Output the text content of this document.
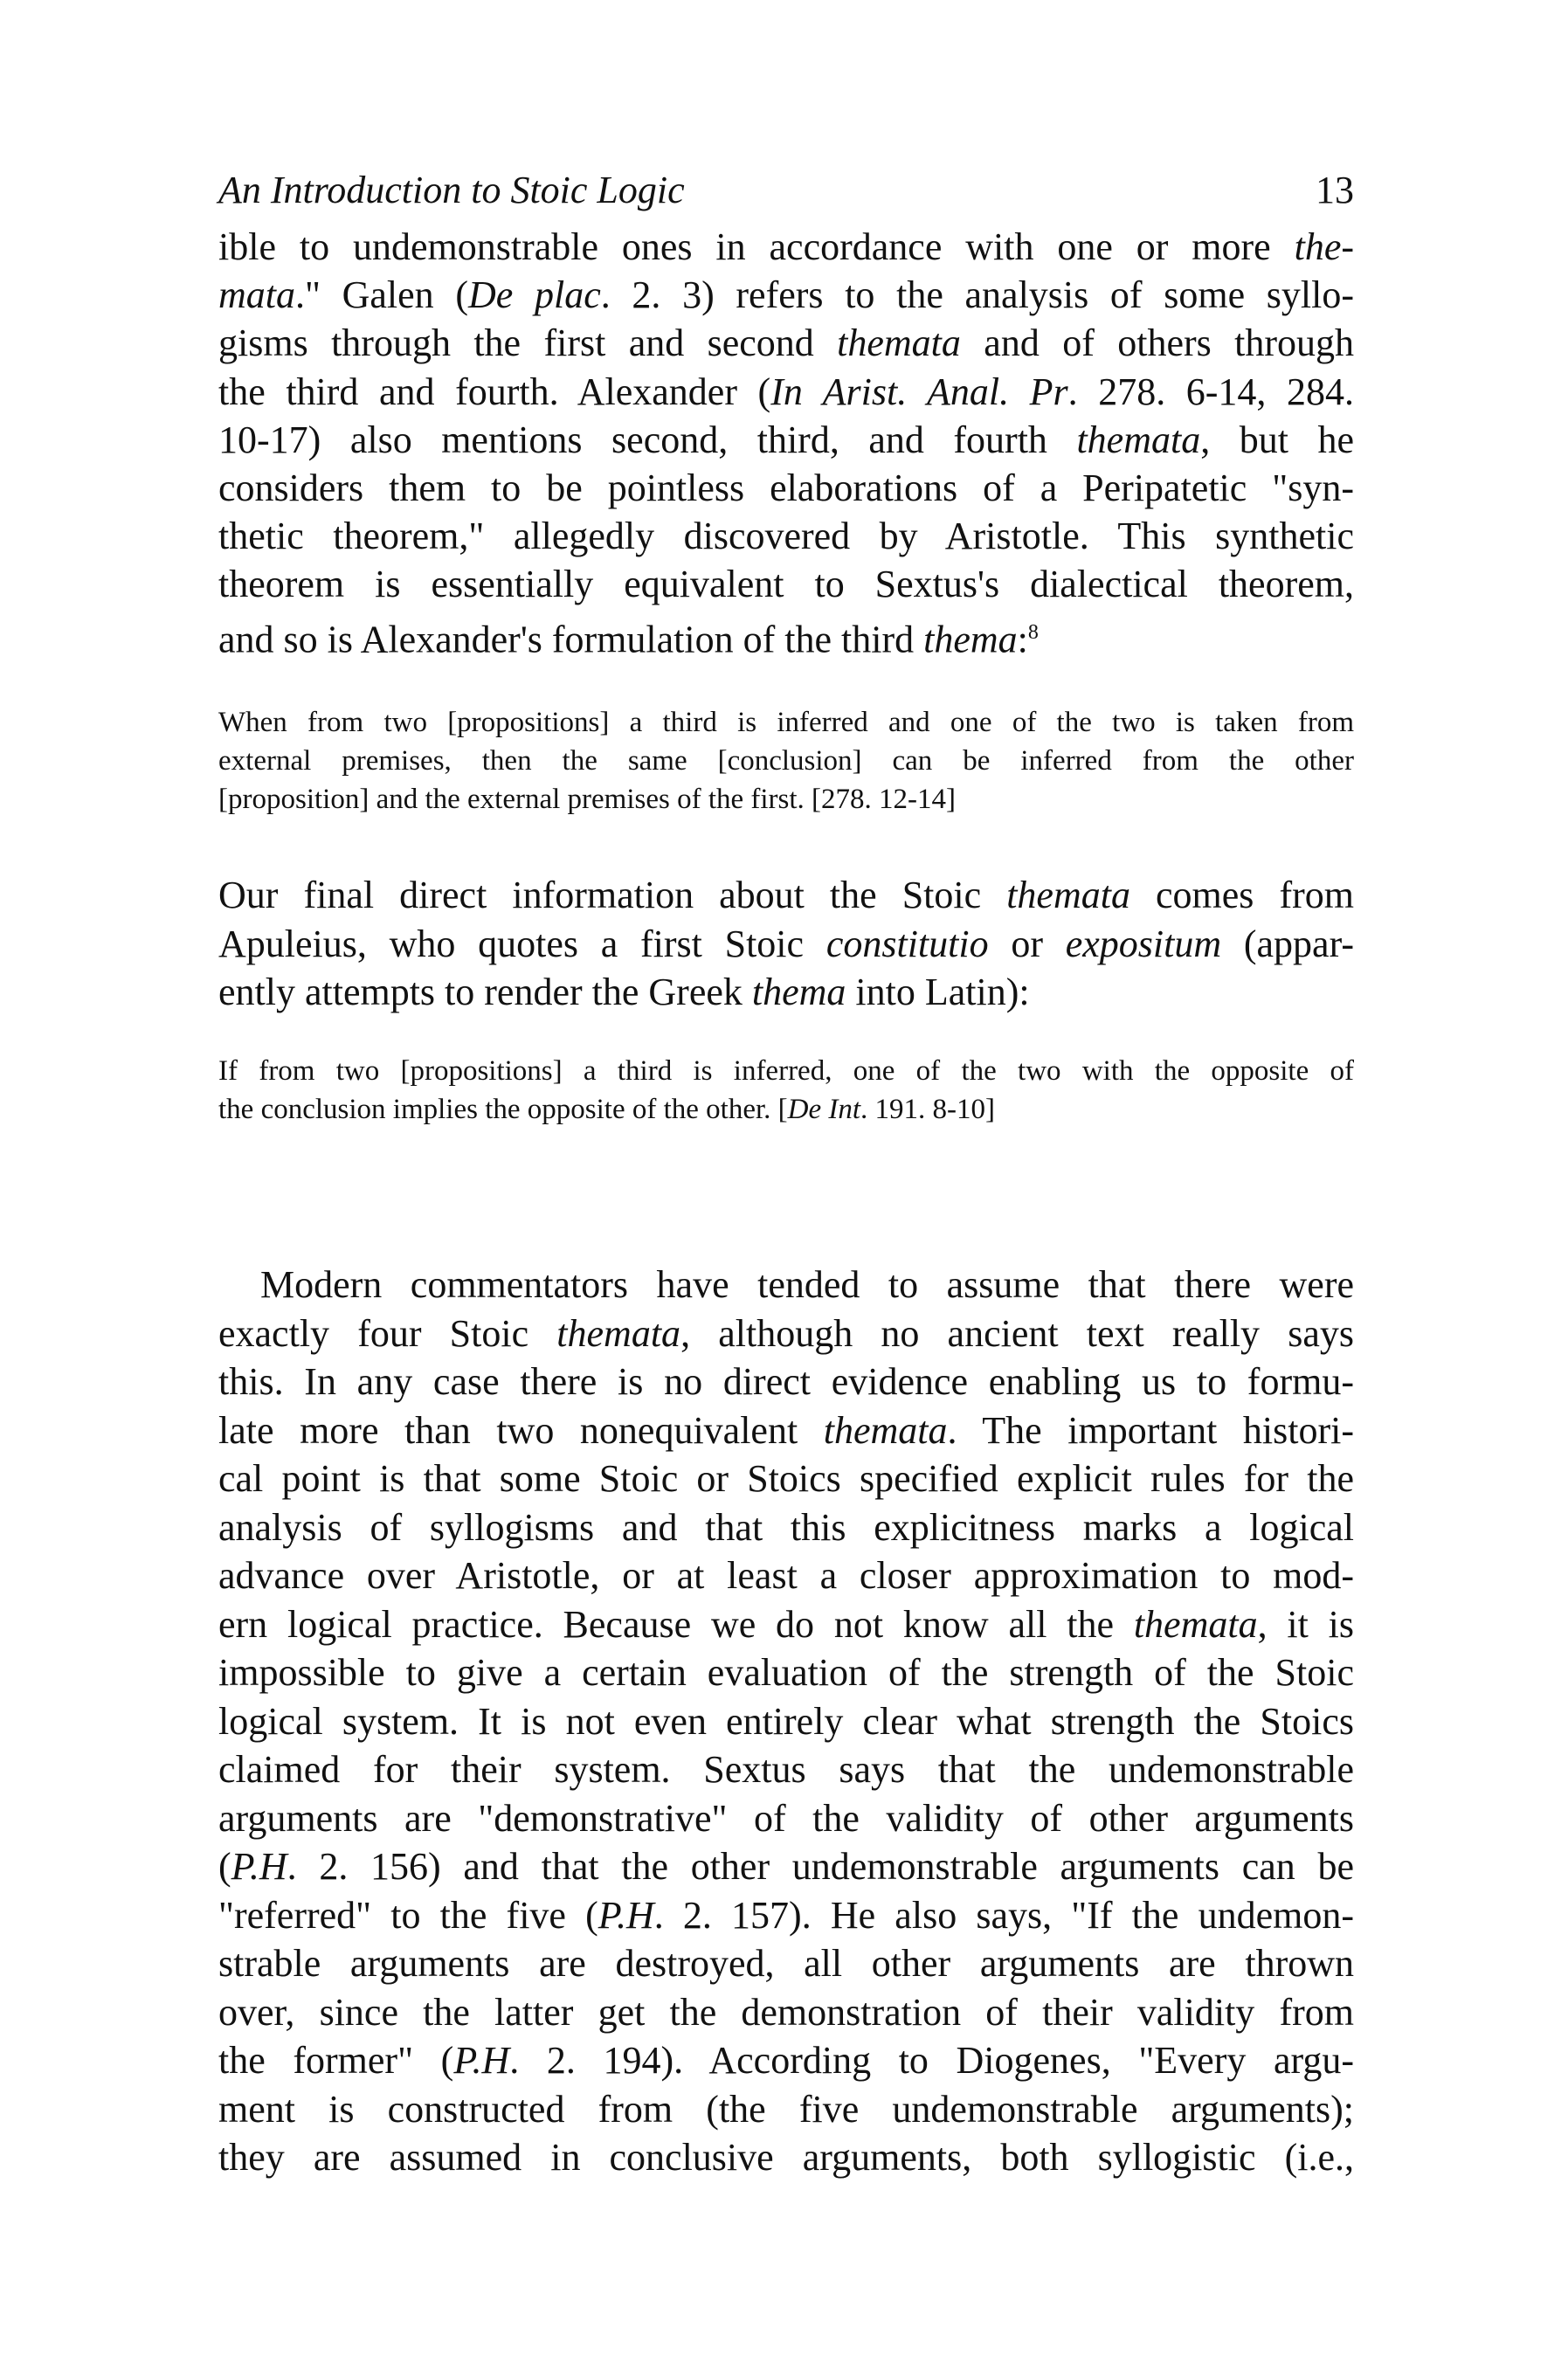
An Introduction to Stoic Logic	13
ible to undemonstrable ones in accordance with one or more the-
mata." Galen (De plac. 2. 3) refers to the analysis of some syllo-
gisms through the first and second themata and of others through
the third and fourth. Alexander (In Arist. Anal. Pr. 278. 6-14, 284.
10-17) also mentions second, third, and fourth themata, but he
considers them to be pointless elaborations of a Peripatetic "syn-
thetic theorem," allegedly discovered by Aristotle. This synthetic
theorem is essentially equivalent to Sextus's dialectical theorem,
and so is Alexander's formulation of the third thema:$^8$
When from two [propositions] a third is inferred and one of the two is taken from
external premises, then the same [conclusion] can be inferred from the other
[proposition] and the external premises of the first. [278. 12-14]
Our final direct information about the Stoic themata comes from
Apuleius, who quotes a first Stoic constitutio or expositum (appar-
ently attempts to render the Greek thema into Latin):
If from two [propositions] a third is inferred, one of the two with the opposite of
the conclusion implies the opposite of the other. [De Int. 191. 8-10]
Modern commentators have tended to assume that there were
exactly four Stoic themata, although no ancient text really says
this. In any case there is no direct evidence enabling us to formu-
late more than two nonequivalent themata. The important histori-
cal point is that some Stoic or Stoics specified explicit rules for the
analysis of syllogisms and that this explicitness marks a logical
advance over Aristotle, or at least a closer approximation to mod-
ern logical practice. Because we do not know all the themata, it is
impossible to give a certain evaluation of the strength of the Stoic
logical system. It is not even entirely clear what strength the Stoics
claimed for their system. Sextus says that the undemonstrable
arguments are "demonstrative" of the validity of other arguments
(P.H. 2. 156) and that the other undemonstrable arguments can be
"referred" to the five (P.H. 2. 157). He also says, "If the undemon-
strable arguments are destroyed, all other arguments are thrown
over, since the latter get the demonstration of their validity from
the former" (P.H. 2. 194). According to Diogenes, "Every argu-
ment is constructed from (the five undemonstrable arguments);
they are assumed in conclusive arguments, both syllogistic (i.e.,
